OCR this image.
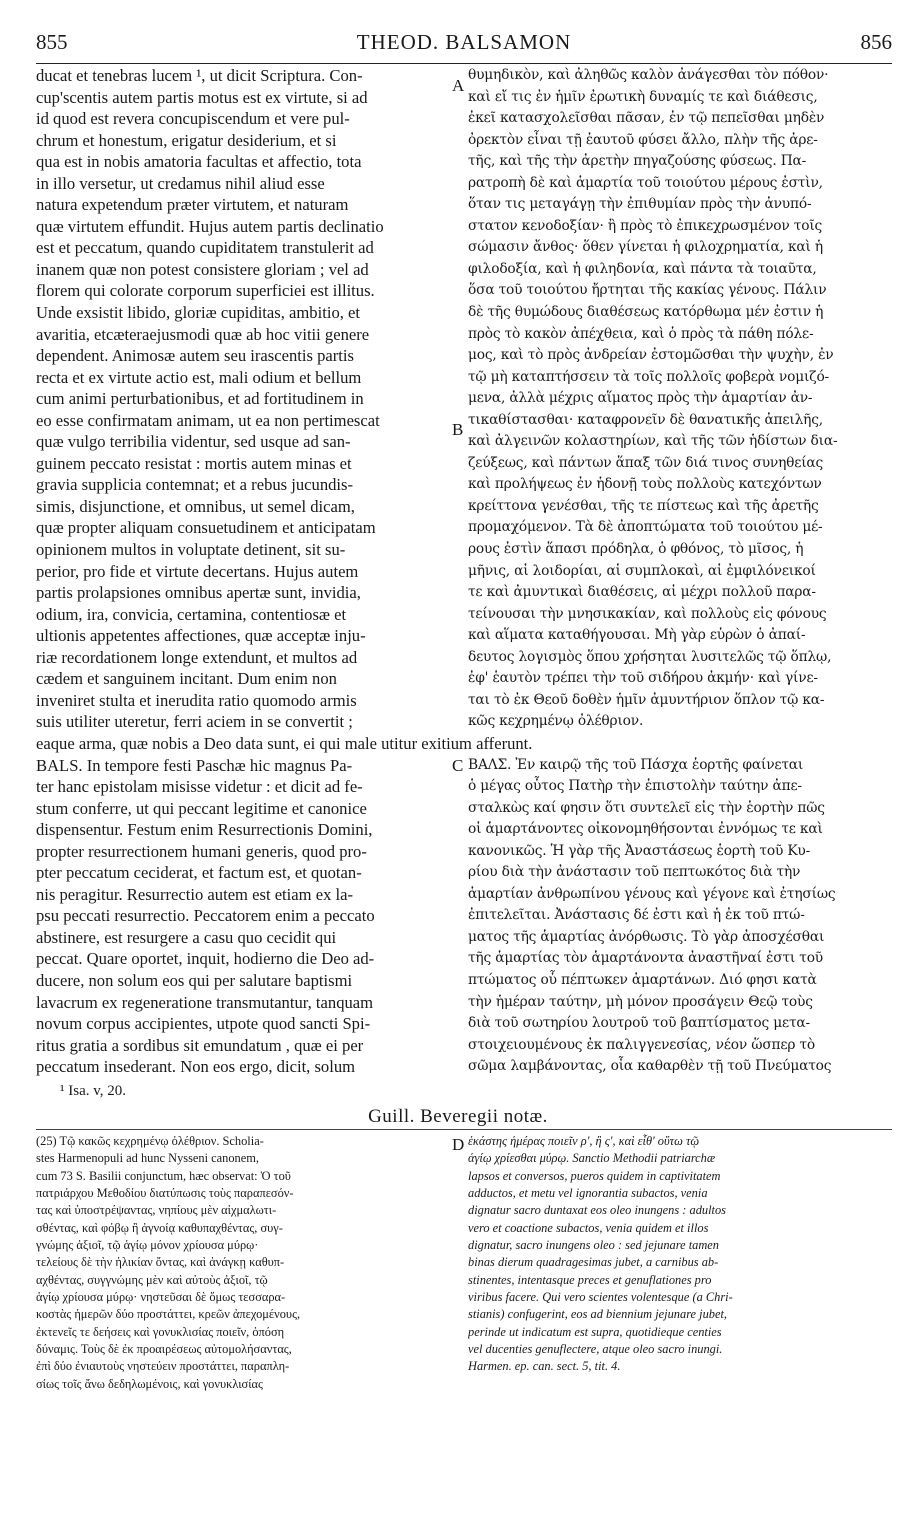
855	THEOD. BALSAMON	856
ducat et tenebras lucem ¹, ut dicit Scriptura. Con-
cup'scentis autem partis motus est ex virtute, si ad
id quod est revera concupiscendum et vere pul-
chrum et honestum, erigatur desiderium, et si
qua est in nobis amatoria facultas et affectio, tota
in illo versetur, ut credamus nihil aliud esse
natura expetendum præter virtutem, et naturam
quæ virtutem effundit. Hujus autem partis declinatio
est et peccatum, quando cupiditatem transtulerit ad
inanem quæ non potest consistere gloriam ; vel ad
florem qui colorate corporum superficiei est illitus.
Unde exsistit libido, gloriæ cupiditas, ambitio, et
avaritia, etcæteraejusmodi quæ ab hoc vitii genere
dependent. Animosæ autem seu irascentis partis
recta et ex virtute actio est, mali odium et bellum
cum animi perturbationibus, et ad fortitudinem in
eo esse confirmatam animam, ut ea non pertimescat
quæ vulgo terribilia videntur, sed usque ad san-
guinem peccato resistat : mortis autem minas et
gravia supplicia contemnat; et a rebus jucundis-
simis, disjunctione, et omnibus, ut semel dicam,
quæ propter aliquam consuetudinem et anticipatam
opinionem multos in voluptate detinent, sit su-
perior, pro fide et virtute decertans. Hujus autem
partis prolapsiones omnibus apertæ sunt, invidia,
odium, ira, convicia, certamina, contentiosæ et
ultionis appetentes affectiones, quæ acceptæ inju-
riæ recordationem longe extendunt, et multos ad
cædem et sanguinem incitant. Dum enim non
inveniret stulta et inerudita ratio quomodo armis
suis utiliter uteretur, ferri aciem in se convertit ;
eaque arma, quæ nobis a Deo data sunt, ei qui male utitur exitium afferunt.
BALS. In tempore festi Paschæ hic magnus Pa-
ter hanc epistolam misisse videtur : et dicit ad fe-
stum conferre, ut qui peccant legitime et canonice
dispensentur. Festum enim Resurrectionis Domini,
propter resurrectionem humani generis, quod pro-
pter peccatum ceciderat, et factum est, et quotan-
nis peragitur. Resurrectio autem est etiam ex la-
psu peccati resurrectio. Peccatorem enim a peccato
abstinere, est resurgere a casu quo cecidit qui
peccat. Quare oportet, inquit, hodierno die Deo ad-
ducere, non solum eos qui per salutare baptismi
lavacrum ex regeneratione transmutantur, tanquam
novum corpus accipientes, utpote quod sancti Spi-
ritus gratia a sordibus sit emundatum , quæ ei per
peccatum insederant. Non eos ergo, dicit, solum
θυμηδικὸν, καὶ ἀληθῶς καλὸν ἀνάγεσθαι τὸν πόθον·
καὶ εἴ τις ἐν ἡμῖν ἐρωτικὴ δυναμίς τε καὶ διάθεσις,
ἐκεῖ κατασχολεῖσθαι πᾶσαν, ἐν τῷ πεπεῖσθαι μηδὲν
ὀρεκτὸν εἶναι τῇ ἑαυτοῦ φύσει ἄλλο, πλὴν τῆς ἀρε-
τῆς, καὶ τῆς τὴν ἀρετὴν πηγαζούσης φύσεως. Πα-
ρατροπὴ δὲ καὶ ἁμαρτία τοῦ τοιούτου μέρους ἐστὶν,
ὅταν τις μεταγάγῃ τὴν ἐπιθυμίαν πρὸς τὴν ἀνυπό-
στατον κενοδοξίαν· ἢ πρὸς τὸ ἐπικεχρωσμένον τοῖς
σώμασιν ἄνθος· ὅθεν γίνεται ἡ φιλοχρηματία, καὶ ἡ
φιλοδοξία, καὶ ἡ φιληδονία, καὶ πάντα τὰ τοιαῦτα,
ὅσα τοῦ τοιούτου ἤρτηται τῆς κακίας γένους. Πάλιν
δὲ τῆς θυμώδους διαθέσεως κατόρθωμα μέν ἐστιν ἡ
πρὸς τὸ κακὸν ἀπέχθεια, καὶ ὁ πρὸς τὰ πάθη πόλε-
μος, καὶ τὸ πρὸς ἀνδρείαν ἐστομῶσθαι τὴν ψυχὴν, ἐν
τῷ μὴ καταπτήσσειν τὰ τοῖς πολλοῖς φοβερὰ νομιζό-
μενα, ἀλλὰ μέχρις αἵματος πρὸς τὴν ἁμαρτίαν ἀν-
τικαθίστασθαι· καταφρονεῖν δὲ θανατικῆς ἀπειλῆς,
καὶ ἀλγεινῶν κολαστηρίων, καὶ τῆς τῶν ἡδίστων δια-
ζεύξεως, καὶ πάντων ἅπαξ τῶν διά τινος συνηθείας
καὶ προλήψεως ἐν ἡδονῇ τοὺς πολλοὺς κατεχόντων
κρείττονα γενέσθαι, τῆς τε πίστεως καὶ τῆς ἀρετῆς
προμαχόμενον. Τὰ δὲ ἀποπτώματα τοῦ τοιούτου μέ-
ρους ἐστὶν ἅπασι πρόδηλα, ὁ φθόνος, τὸ μῖσος, ἡ
μῆνις, αἱ λοιδορίαι, αἱ συμπλοκαὶ, αἱ ἐμφιλόνεικοί
τε καὶ ἀμυντικαὶ διαθέσεις, αἱ μέχρι πολλοῦ παρα-
τείνουσαι τὴν μνησικακίαν, καὶ πολλοὺς εἰς φόνους
καὶ αἵματα καταθήγουσαι. Μὴ γὰρ εὑρὼν ὁ ἀπαί-
δευτος λογισμὸς ὅπου χρήσηται λυσιτελῶς τῷ ὅπλῳ,
ἐφ' ἑαυτὸν τρέπει τὴν τοῦ σιδήρου ἀκμήν· καὶ γίνε-
ται τὸ ἐκ Θεοῦ δοθὲν ἡμῖν ἀμυντήριον ὅπλον τῷ κα-
κῶς κεχρημένῳ ὀλέθριον.
ΒΑΛΣ. Ἐν καιρῷ τῆς τοῦ Πάσχα ἑορτῆς φαίνεται
ὁ μέγας οὗτος Πατὴρ τὴν ἐπιστολὴν ταύτην ἀπε-
σταλκὼς καί φησιν ὅτι συντελεῖ εἰς τὴν ἑορτὴν πῶς
οἱ ἁμαρτάνοντες οἰκονομηθήσονται ἐννόμως τε καὶ
κανονικῶς. Ἡ γὰρ τῆς Ἀναστάσεως ἑορτὴ τοῦ Κυ-
ρίου διὰ τὴν ἀνάστασιν τοῦ πεπτωκότος διὰ τὴν
ἁμαρτίαν ἀνθρωπίνου γένους καὶ γέγονε καὶ ἐτησίως
ἐπιτελεῖται. Ἀνάστασις δέ ἐστι καὶ ἡ ἐκ τοῦ πτώ-
ματος τῆς ἁμαρτίας ἀνόρθωσις. Τὸ γὰρ ἀποσχέσθαι
τῆς ἁμαρτίας τὸν ἁμαρτάνοντα ἀναστῆναί ἐστι τοῦ
πτώματος οὗ πέπτωκεν ἁμαρτάνων. Διό φησι κατὰ
τὴν ἡμέραν ταύτην, μὴ μόνον προσάγειν Θεῷ τοὺς
διὰ τοῦ σωτηρίου λουτροῦ τοῦ βαπτίσματος μετα-
στοιχειουμένους ἐκ παλιγγενεσίας, νέον ὥσπερ τὸ
σῶμα λαμβάνοντας, οἷα καθαρθὲν τῇ τοῦ Πνεύματος
A
B
C
D
¹ Isa. v, 20.
Guill. Beveregii notæ.
(25) Τῷ κακῶς κεχρημένῳ ὀλέθριον. Scholia-
stes Harmenopuli ad hunc Nysseni canonem,
cum 73 S. Basilii conjunctum, hæc observat: Ὁ τοῦ
πατριάρχου Μεθοδίου διατύπωσις τοὺς παραπεσόν-
τας καὶ ὑποστρέψαντας, νηπίους μὲν αἰχμαλωτι-
σθέντας, καὶ φόβῳ ἢ ἀγνοίᾳ καθυπαχθέντας, συγ-
γνώμης ἀξιοῖ, τῷ ἁγίῳ μόνον χρίουσα μύρῳ·
τελείους δὲ τὴν ἡλικίαν ὄντας, καὶ ἀνάγκῃ καθυπ-
αχθέντας, συγγνώμης μὲν καὶ αὐτοὺς ἀξιοῖ, τῷ
ἁγίῳ χρίουσα μύρῳ· νηστεῦσαι δὲ ὅμως τεσσαρα-
κοστὰς ἡμερῶν δύο προστάττει, κρεῶν ἀπεχομένους,
ἐκτενεῖς τε δεήσεις καὶ γονυκλισίας ποιεῖν, ὁπόση
δύναμις. Τοὺς δὲ ἐκ προαιρέσεως αὐτομολήσαντας,
ἐπὶ δύο ἐνιαυτοὺς νηστεύειν προστάττει, παραπλη-
σίως τοῖς ἄνω δεδηλωμένοις, καὶ γονυκλισίας
ἑκάστης ἡμέρας ποιεῖν ρ', ἢ ς', καὶ εἶθ' οὕτω τῷ
ἁγίῳ χρίεσθαι μύρῳ. Sanctio Methodii patriarchæ
lapsos et conversos, pueros quidem in captivitatem
adductos, et metu vel ignorantia subactos, venia
dignatur sacro duntaxat eos oleo inungens : adultos
vero et coactione subactos, venia quidem et illos
dignatur, sacro inungens oleo : sed jejunare tamen
binas dierum quadragesimas jubet, a carnibus ab-
stinentes, intentasque preces et genuflationes pro
viribus facere. Qui vero scientes volentesque (a Chri-
stianis) confugerint, eos ad biennium jejunare jubet,
perinde ut indicatum est supra, quotidieque centies
vel ducenties genuflectere, atque oleo sacro inungi.
Harmen. ep. can. sect. 5, tit. 4.
